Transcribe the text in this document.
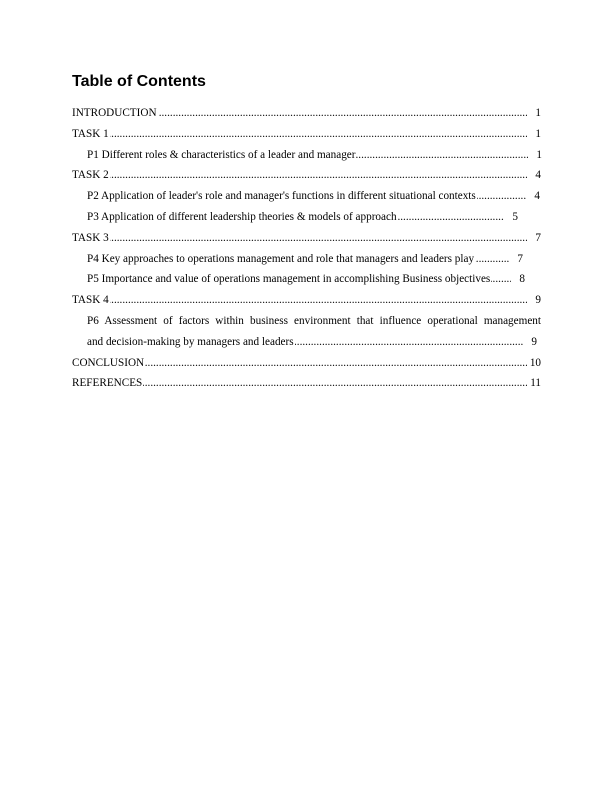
Table of Contents
.....
INTRODUCTION	1
.....
TASK 1	1
.....
P1 Different roles & characteristics of a leader and manager	1
.....
TASK 2	4
.....
P2 Application of leader's role and manager's functions in different situational contexts	4
.....
P3 Application of different leadership theories & models of approach	5
.....
TASK 3	7
.....
P4 Key approaches to operations management and role that managers and leaders play	7
.....
P5 Importance and value of operations management in accomplishing Business objectives	8
.....
TASK 4	9
P6 Assessment of factors within business environment that influence operational management
.....
and decision-making by managers and leaders	9
.....
CONCLUSION	10
.....
REFERENCES	11
